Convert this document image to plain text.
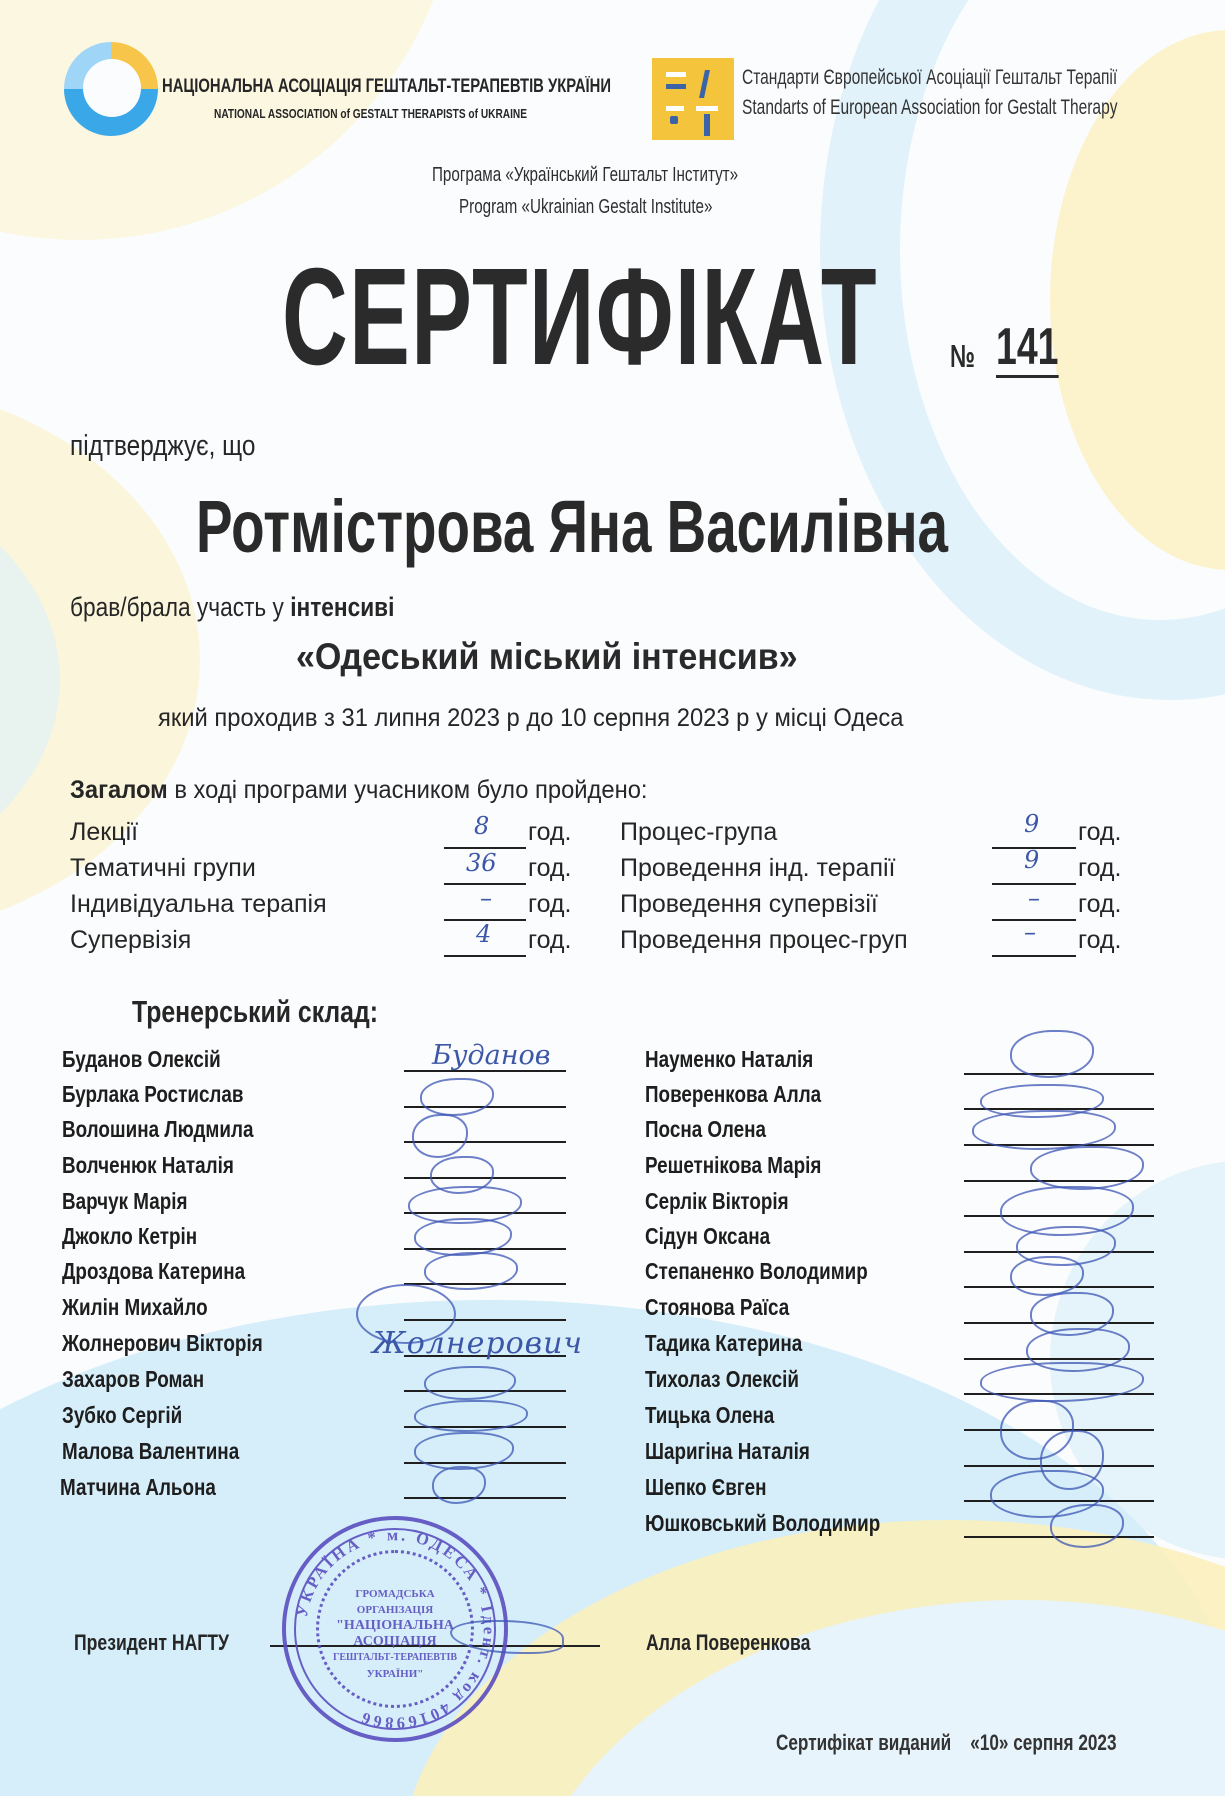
НАЦІОНАЛЬНА АСОЦІАЦІЯ ГЕШТАЛЬТ-ТЕРАПЕВТІВ УКРАЇНИ
NATIONAL ASSOCIATION of GESTALT THERAPISTS of UKRAINE
Стандарти Європейської Асоціації Гештальт Терапії
Standarts of European Association for Gestalt Therapy
Програма «Український Гештальт Інститут»
Program «Ukrainian Gestalt Institute»
СЕРТИФІКАТ № 141
підтверджує, що
Ротмістрова Яна Василівна
брав/брала участь у інтенсиві
«Одеський міський інтенсив»
який проходив з 31 липня 2023 р до 10 серпня 2023 р у місці Одеса
Загалом в ході програми учасником було пройдено:
Лекції
Тематичні групи
Індивідуальна терапія
Супервізія
8
36
–
4
год.
год.
год.
год.
Процес-група
Проведення інд. терапії
Проведення супервізії
Проведення процес-груп
9
9
–
–
год.
год.
год.
год.
Тренерський склад:
Буданов Олексій
Бурлака Ростислав
Волошина Людмила
Волченюк Наталія
Варчук Марія
Джокло Кетрін
Дроздова Катерина
Жилін Михайло
Жолнерович Вікторія
Захаров Роман
Зубко Сергій
Малова Валентина
Матчина Альона
Буданов
Жолнерович
Науменко Наталія
Поверенкова Алла
Посна Олена
Решетнікова Марія
Серлік Вікторія
Сідун Оксана
Степаненко Володимир
Стоянова Раїса
Тадика Катерина
Тихолаз Олексій
Тицька Олена
Шаригіна Наталія
Шепко Євген
Юшковський Володимир
Президент НАГТУ	Алла Поверенкова
УКРАЇНА * м. ОДЕСА * Ідент. код 40169866
ГРОМАДСЬКА
ОРГАНІЗАЦІЯ
"НАЦІОНАЛЬНА
АСОЦІАЦІЯ
ГЕШТАЛЬТ-ТЕРАПЕВТІВ
УКРАЇНИ"
Сертифікат виданий «10» серпня 2023
